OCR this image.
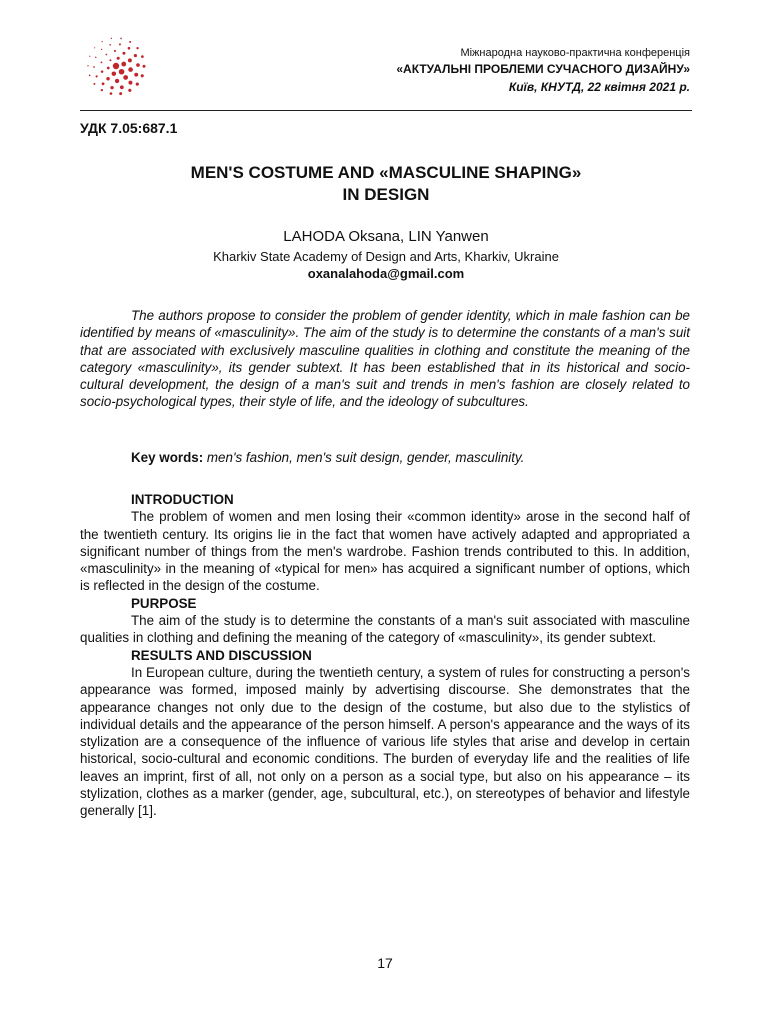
Міжнародна науково-практична конференція
«АКТУАЛЬНІ ПРОБЛЕМИ СУЧАСНОГО ДИЗАЙНУ»
Київ, КНУТД, 22 квітня 2021 р.
УДК 7.05:687.1
MEN'S COSTUME AND «MASCULINE SHAPING»
IN DESIGN
LAHODA Oksana, LIN Yanwen
Kharkiv State Academy of Design and Arts, Kharkiv, Ukraine
oxanalahoda@gmail.com

The authors propose to consider the problem of gender identity, which in male fashion can be identified by means of «masculinity». The aim of the study is to determine the constants of a man's suit that are associated with exclusively masculine qualities in clothing and constitute the meaning of the category «masculinity», its gender subtext. It has been established that in its historical and socio-cultural development, the design of a man's suit and trends in men's fashion are closely related to socio-psychological types, their style of life, and the ideology of subcultures.

Key words: men's fashion, men's suit design, gender, masculinity.

INTRODUCTION

The problem of women and men losing their «common identity» arose in the second half of the twentieth century. Its origins lie in the fact that women have actively adapted and appropriated a significant number of things from the men's wardrobe. Fashion trends contributed to this. In addition, «masculinity» in the meaning of «typical for men» has acquired a significant number of options, which is reflected in the design of the costume.

PURPOSE

The aim of the study is to determine the constants of a man's suit associated with masculine qualities in clothing and defining the meaning of the category of «masculinity», its gender subtext.

RESULTS AND DISCUSSION

In European culture, during the twentieth century, a system of rules for constructing a person's appearance was formed, imposed mainly by advertising discourse. She demonstrates that the appearance changes not only due to the design of the costume, but also due to the stylistics of individual details and the appearance of the person himself. A person's appearance and the ways of its stylization are a consequence of the influence of various life styles that arise and develop in certain historical, socio-cultural and economic conditions. The burden of everyday life and the realities of life leaves an imprint, first of all, not only on a person as a social type, but also on his appearance – its stylization, clothes as a marker (gender, age, subcultural, etc.), on stereotypes of behavior and lifestyle generally [1].

17
